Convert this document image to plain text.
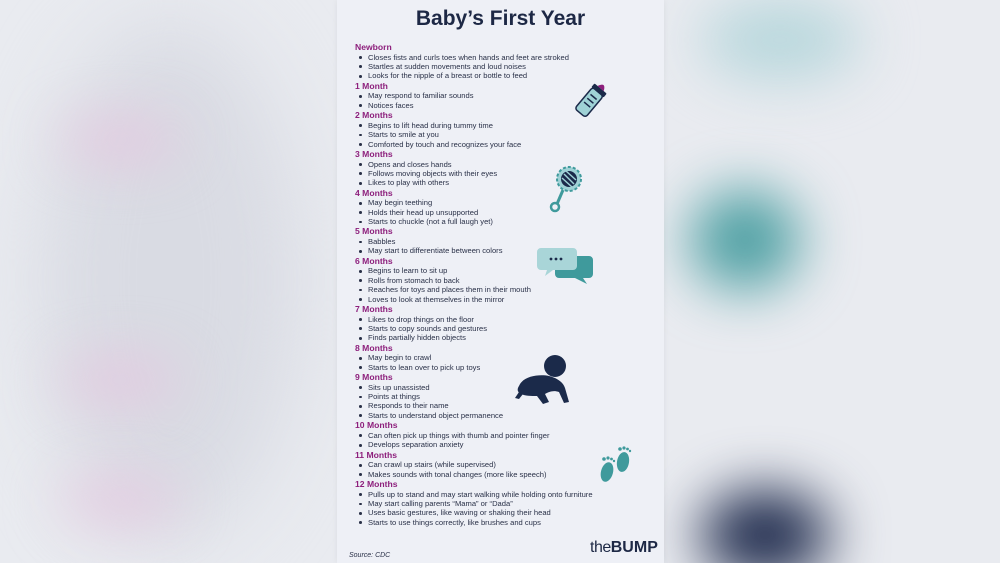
Baby’s First Year
Newborn
Closes fists and curls toes when hands and feet are stroked
Startles at sudden movements and loud noises
Looks for the nipple of a breast or bottle to feed
1 Month
May respond to familiar sounds
Notices faces
2 Months
Begins to lift head during tummy time
Starts to smile at you
Comforted by touch and recognizes your face
3 Months
Opens and closes hands
Follows moving objects with their eyes
Likes to play with others
4 Months
May begin teething
Holds their head up unsupported
Starts to chuckle (not a full laugh yet)
5 Months
Babbles
May start to differentiate between colors
6 Months
Begins to learn to sit up
Rolls from stomach to back
Reaches for toys and places them in their mouth
Loves to look at themselves in the mirror
7 Months
Likes to drop things on the floor
Starts to copy sounds and gestures
Finds partially hidden objects
8 Months
May begin to crawl
Starts to lean over to pick up toys
9 Months
Sits up unassisted
Points at things
Responds to their name
Starts to understand object permanence
10 Months
Can often pick up things with thumb and pointer finger
Develops separation anxiety
11 Months
Can crawl up stairs (while supervised)
Makes sounds with tonal changes (more like speech)
12 Months
Pulls up to stand and may start walking while holding onto furniture
May start calling parents “Mama” or “Dada”
Uses basic gestures, like waving or shaking their head
Starts to use things correctly, like brushes and cups
Source: CDC	theBUMP
